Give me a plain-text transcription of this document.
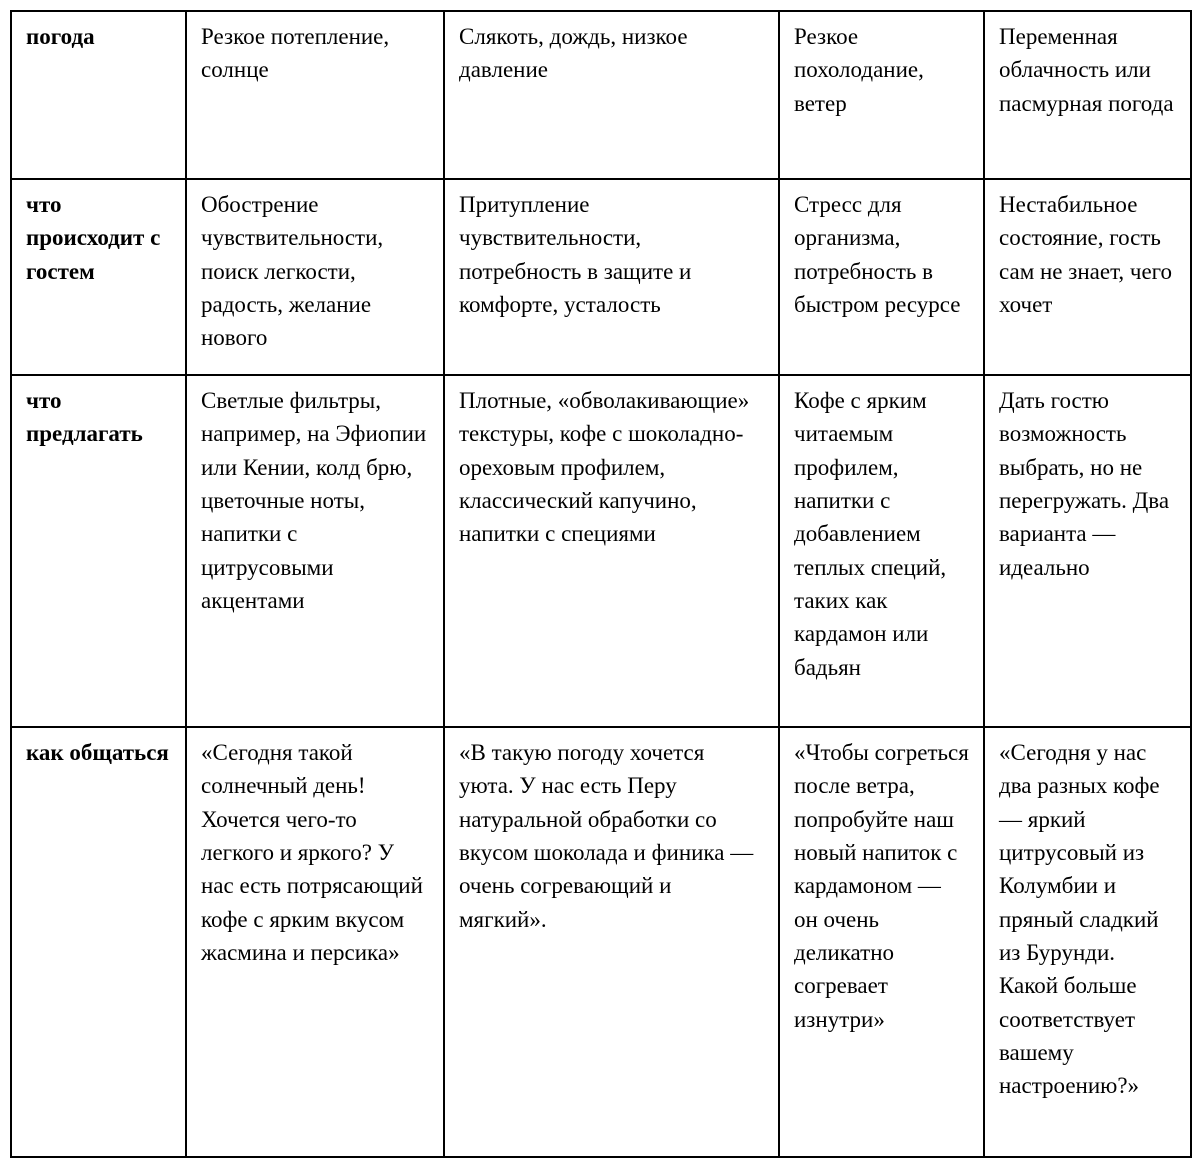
погода	Резкое потепление, солнце	Слякоть, дождь, низкое давление	Резкое похолодание, ветер	Переменная облачность или пасмурная погода
что происходит с гостем	Обострение чувствительности, поиск легкости, радость, желание нового	Притупление чувствительности, потребность в защите и комфорте, усталость	Стресс для организма, потребность в быстром ресурсе	Нестабильное состояние, гость сам не знает, чего хочет
что предлагать	Светлые фильтры, например, на Эфиопии или Кении, колд брю, цветочные ноты, напитки с цитрусовыми акцентами	Плотные, «обволакивающие» текстуры, кофе с шоколадно-ореховым профилем, классический капучино, напитки с специями	Кофе с ярким читаемым профилем, напитки с добавлением теплых специй, таких как кардамон или бадьян	Дать гостю возможность выбрать, но не перегружать. Два варианта — идеально
как общаться	«Сегодня такой солнечный день! Хочется чего-то легкого и яркого? У нас есть потрясающий кофе с ярким вкусом жасмина и персика»	«В такую погоду хочется уюта. У нас есть Перу натуральной обработки со вкусом шоколада и финика — очень согревающий и мягкий».	«Чтобы согреться после ветра, попробуйте наш новый напиток с кардамоном — он очень деликатно согревает изнутри»	«Сегодня у нас два разных кофе — яркий цитрусовый из Колумбии и пряный сладкий из Бурунди. Какой больше соответствует вашему настроению?»
